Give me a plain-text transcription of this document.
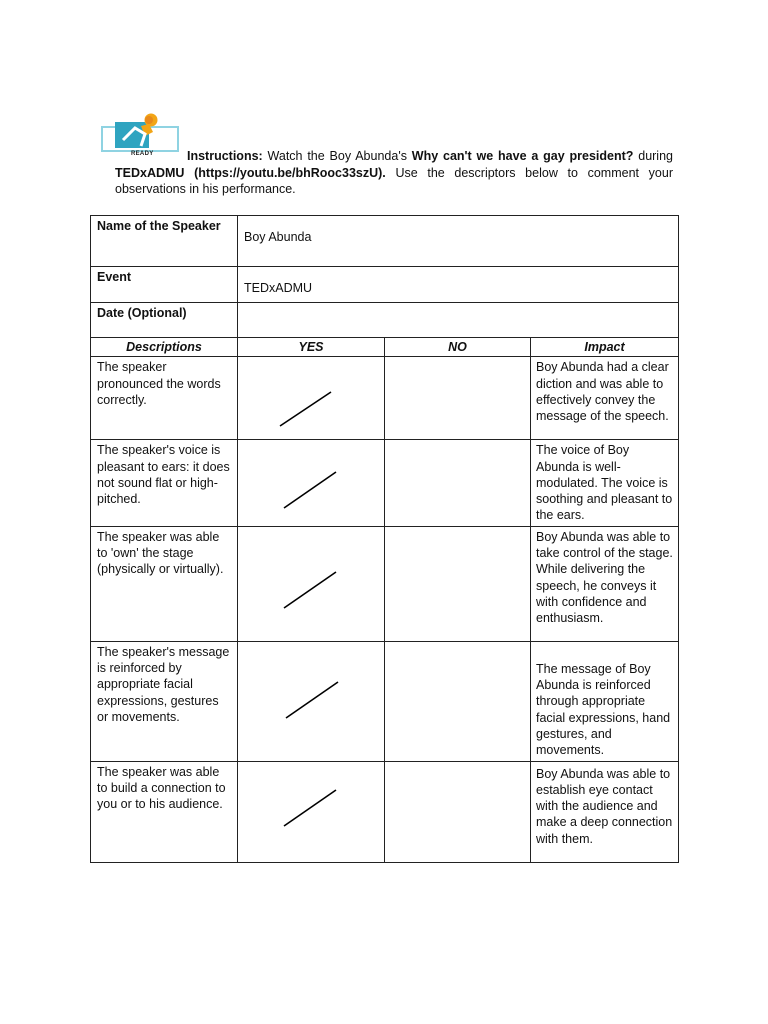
READY	Instructions: Watch the Boy Abunda's Why can't we have a gay president? during TEDxADMU (https://youtu.be/bhRooc33szU). Use the descriptors below to comment your observations in his performance.
Name of the Speaker	Boy Abunda		
Event	TEDxADMU		
Date (Optional)			
Descriptions	YES	NO	Impact
The speaker pronounced the words correctly.			Boy Abunda had a clear diction and was able to effectively convey the message of the speech.
The speaker's voice is pleasant to ears: it does not sound flat or high-pitched.			The voice of Boy Abunda is well-modulated. The voice is soothing and pleasant to the ears.
The speaker was able to 'own' the stage (physically or virtually).			Boy Abunda was able to take control of the stage. While delivering the speech, he conveys it with confidence and enthusiasm.
The speaker's message is reinforced by appropriate facial expressions, gestures or movements.			The message of Boy Abunda is reinforced through appropriate facial expressions, hand gestures, and movements.
The speaker was able to build a connection to you or to his audience.			Boy Abunda was able to establish eye contact with the audience and make a deep connection with them.
